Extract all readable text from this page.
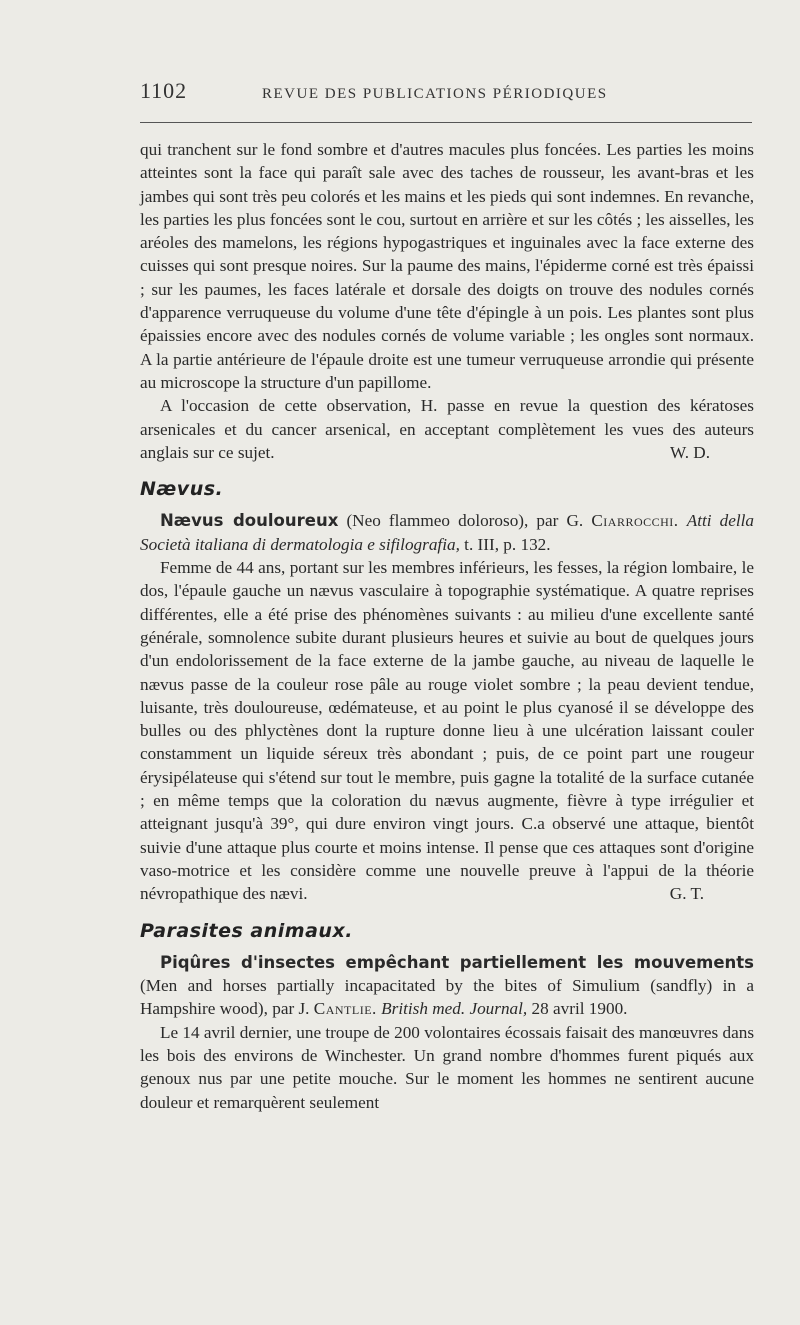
1102	REVUE DES PUBLICATIONS PÉRIODIQUES

qui tranchent sur le fond sombre et d'autres macules plus foncées. Les parties les moins atteintes sont la face qui paraît sale avec des taches de rousseur, les avant-bras et les jambes qui sont très peu colorés et les mains et les pieds qui sont indemnes. En revanche, les parties les plus foncées sont le cou, surtout en arrière et sur les côtés ; les aisselles, les aréoles des mamelons, les régions hypogastriques et inguinales avec la face externe des cuisses qui sont presque noires. Sur la paume des mains, l'épiderme corné est très épaissi ; sur les paumes, les faces latérale et dorsale des doigts on trouve des nodules cornés d'apparence verruqueuse du volume d'une tête d'épingle à un pois. Les plantes sont plus épaissies encore avec des nodules cornés de volume variable ; les ongles sont normaux. A la partie antérieure de l'épaule droite est une tumeur verruqueuse arrondie qui présente au microscope la structure d'un papillome.

A l'occasion de cette observation, H. passe en revue la question des kératoses arsenicales et du cancer arsenical, en acceptant complètement les vues des auteurs anglais sur ce sujet.	W. D.

Nævus.

Nævus douloureux (Neo flammeo doloroso), par G. Ciarrocchi. Atti della Società italiana di dermatologia e sifilografia, t. III, p. 132.

Femme de 44 ans, portant sur les membres inférieurs, les fesses, la région lombaire, le dos, l'épaule gauche un nævus vasculaire à topographie systématique. A quatre reprises différentes, elle a été prise des phénomènes suivants : au milieu d'une excellente santé générale, somnolence subite durant plusieurs heures et suivie au bout de quelques jours d'un endolorissement de la face externe de la jambe gauche, au niveau de laquelle le nævus passe de la couleur rose pâle au rouge violet sombre ; la peau devient tendue, luisante, très douloureuse, œdémateuse, et au point le plus cyanosé il se développe des bulles ou des phlyctènes dont la rupture donne lieu à une ulcération laissant couler constamment un liquide séreux très abondant ; puis, de ce point part une rougeur érysipélateuse qui s'étend sur tout le membre, puis gagne la totalité de la surface cutanée ; en même temps que la coloration du nævus augmente, fièvre à type irrégulier et atteignant jusqu'à 39°, qui dure environ vingt jours. C.a observé une attaque, bientôt suivie d'une attaque plus courte et moins intense. Il pense que ces attaques sont d'origine vaso-motrice et les considère comme une nouvelle preuve à l'appui de la théorie névropathique des nævi.	G. T.

Parasites animaux.

Piqûres d'insectes empêchant partiellement les mouvements (Men and horses partially incapacitated by the bites of Simulium (sandfly) in a Hampshire wood), par J. Cantlie. British med. Journal, 28 avril 1900.

Le 14 avril dernier, une troupe de 200 volontaires écossais faisait des manœuvres dans les bois des environs de Winchester. Un grand nombre d'hommes furent piqués aux genoux nus par une petite mouche. Sur le moment les hommes ne sentirent aucune douleur et remarquèrent seulement
